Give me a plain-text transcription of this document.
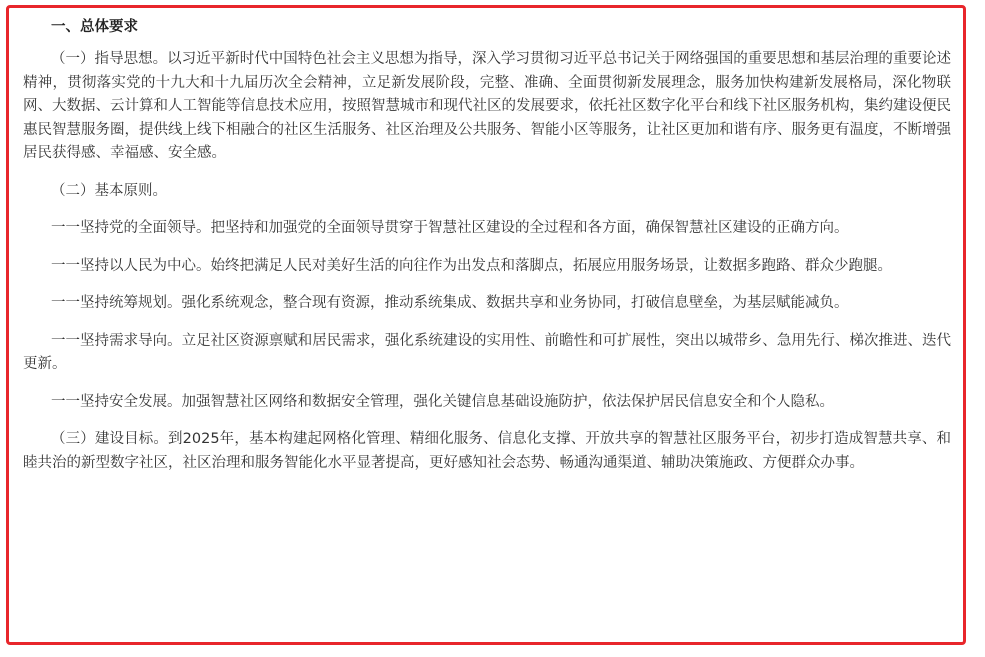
一、总体要求

（一）指导思想。以习近平新时代中国特色社会主义思想为指导，深入学习贯彻习近平总书记关于网络强国的重要思想和基层治理的重要论述精神，贯彻落实党的十九大和十九届历次全会精神，立足新发展阶段，完整、准确、全面贯彻新发展理念，服务加快构建新发展格局，深化物联网、大数据、云计算和人工智能等信息技术应用，按照智慧城市和现代社区的发展要求，依托社区数字化平台和线下社区服务机构，集约建设便民惠民智慧服务圈，提供线上线下相融合的社区生活服务、社区治理及公共服务、智能小区等服务，让社区更加和谐有序、服务更有温度，不断增强居民获得感、幸福感、安全感。

（二）基本原则。

一一坚持党的全面领导。把坚持和加强党的全面领导贯穿于智慧社区建设的全过程和各方面，确保智慧社区建设的正确方向。

一一坚持以人民为中心。始终把满足人民对美好生活的向往作为出发点和落脚点，拓展应用服务场景，让数据多跑路、群众少跑腿。

一一坚持统筹规划。强化系统观念，整合现有资源，推动系统集成、数据共享和业务协同，打破信息壁垒，为基层赋能减负。

一一坚持需求导向。立足社区资源禀赋和居民需求，强化系统建设的实用性、前瞻性和可扩展性，突出以城带乡、急用先行、梯次推进、迭代更新。

一一坚持安全发展。加强智慧社区网络和数据安全管理，强化关键信息基础设施防护，依法保护居民信息安全和个人隐私。

（三）建设目标。到2025年，基本构建起网格化管理、精细化服务、信息化支撑、开放共享的智慧社区服务平台，初步打造成智慧共享、和睦共治的新型数字社区，社区治理和服务智能化水平显著提高，更好感知社会态势、畅通沟通渠道、辅助决策施政、方便群众办事。
